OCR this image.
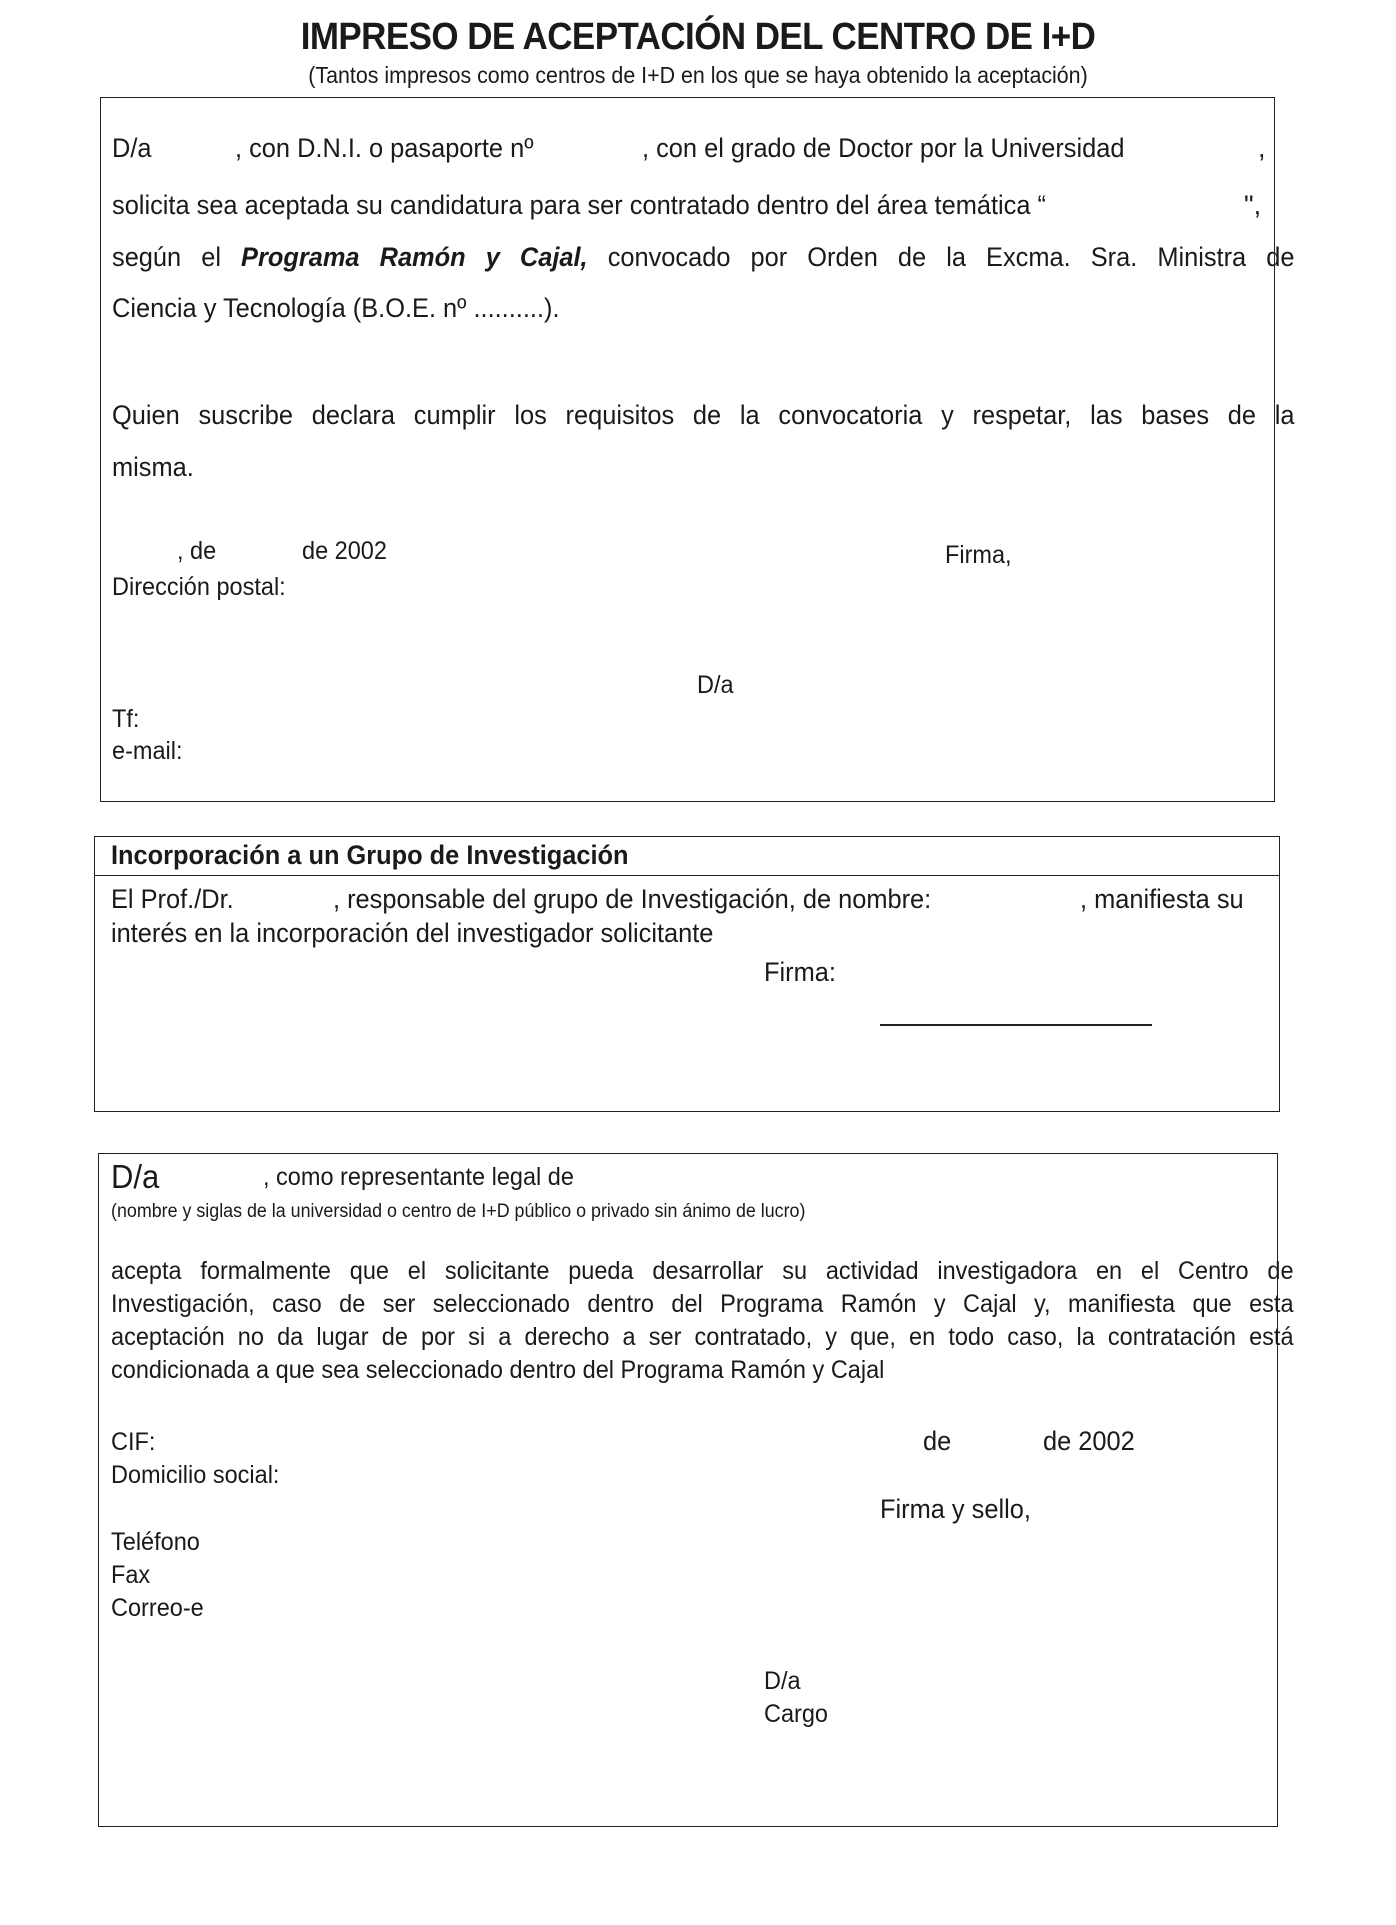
IMPRESO DE ACEPTACIÓN DEL CENTRO DE I+D
(Tantos impresos como centros de I+D en los que se haya obtenido la aceptación)
D/a	, con D.N.I. o pasaporte nº	, con el grado de Doctor por la Universidad	,
solicita sea aceptada su candidatura para ser contratado dentro del área temática “	",
según el Programa Ramón y Cajal, convocado por Orden de la Excma. Sra. Ministra de
Ciencia y Tecnología (B.O.E. nº ..........).
Quien suscribe declara cumplir los requisitos de la convocatoria y respetar, las bases de la
misma.
, de	de 2002	Firma,
Dirección postal:
D/a
Tf:
e-mail:
Incorporación a un Grupo de Investigación
El Prof./Dr.	, responsable del grupo de Investigación, de nombre:	, manifiesta su
interés en la incorporación del investigador solicitante
Firma:
D/a	, como representante legal de
(nombre y siglas de la universidad o centro de I+D público o privado sin ánimo de lucro)
acepta formalmente que el solicitante pueda desarrollar su actividad investigadora en el Centro de
Investigación, caso de ser seleccionado dentro del Programa Ramón y Cajal y, manifiesta que esta
aceptación no da lugar de por si a derecho a ser contratado, y que, en todo caso, la contratación está
condicionada a que sea seleccionado dentro del Programa Ramón y Cajal
CIF:	de	de 2002
Domicilio social:
Firma y sello,
Teléfono
Fax
Correo-e
D/a
Cargo
